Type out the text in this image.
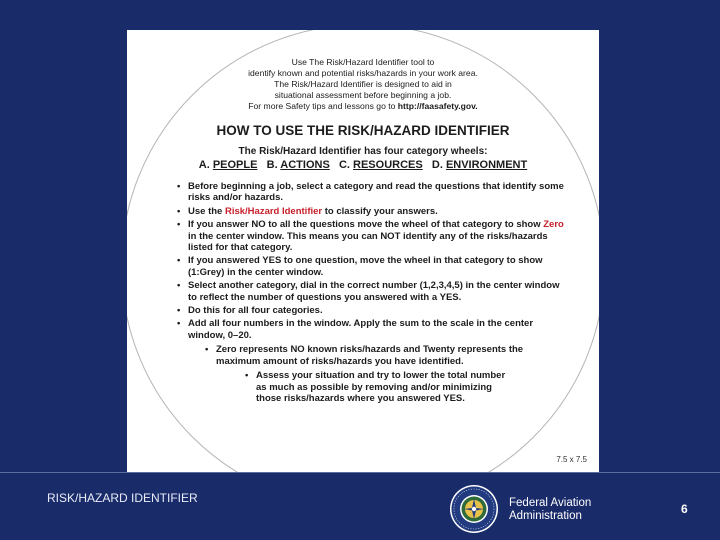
Use The Risk/Hazard Identifier tool to
identify known and potential risks/hazards in your work area.
The Risk/Hazard Identifier is designed to aid in
situational assessment before beginning a job.
For more Safety tips and lessons go to http://faasafety.gov.
HOW TO USE THE RISK/HAZARD IDENTIFIER
The Risk/Hazard Identifier has four category wheels:
A. PEOPLE B. ACTIONS C. RESOURCES D. ENVIRONMENT
• Before beginning a job, select a category and read the questions that identify some risks and/or hazards.
• Use the Risk/Hazard Identifier to classify your answers.
• If you answer NO to all the questions move the wheel of that category to show Zero in the center window. This means you can NOT identify any of the risks/hazards listed for that category.
• If you answered YES to one question, move the wheel in that category to show (1:Grey) in the center window.
• Select another category, dial in the correct number (1,2,3,4,5) in the center window to reflect the number of questions you answered with a YES.
• Do this for all four categories.
• Add all four numbers in the window. Apply the sum to the scale in the center window, 0–20.
• Zero represents NO known risks/hazards and Twenty represents the maximum amount of risks/hazards you have identified.
• Assess your situation and try to lower the total number as much as possible by removing and/or minimizing those risks/hazards where you answered YES.
7.5 x 7.5
RISK/HAZARD IDENTIFIER	Federal Aviation
Administration	6
